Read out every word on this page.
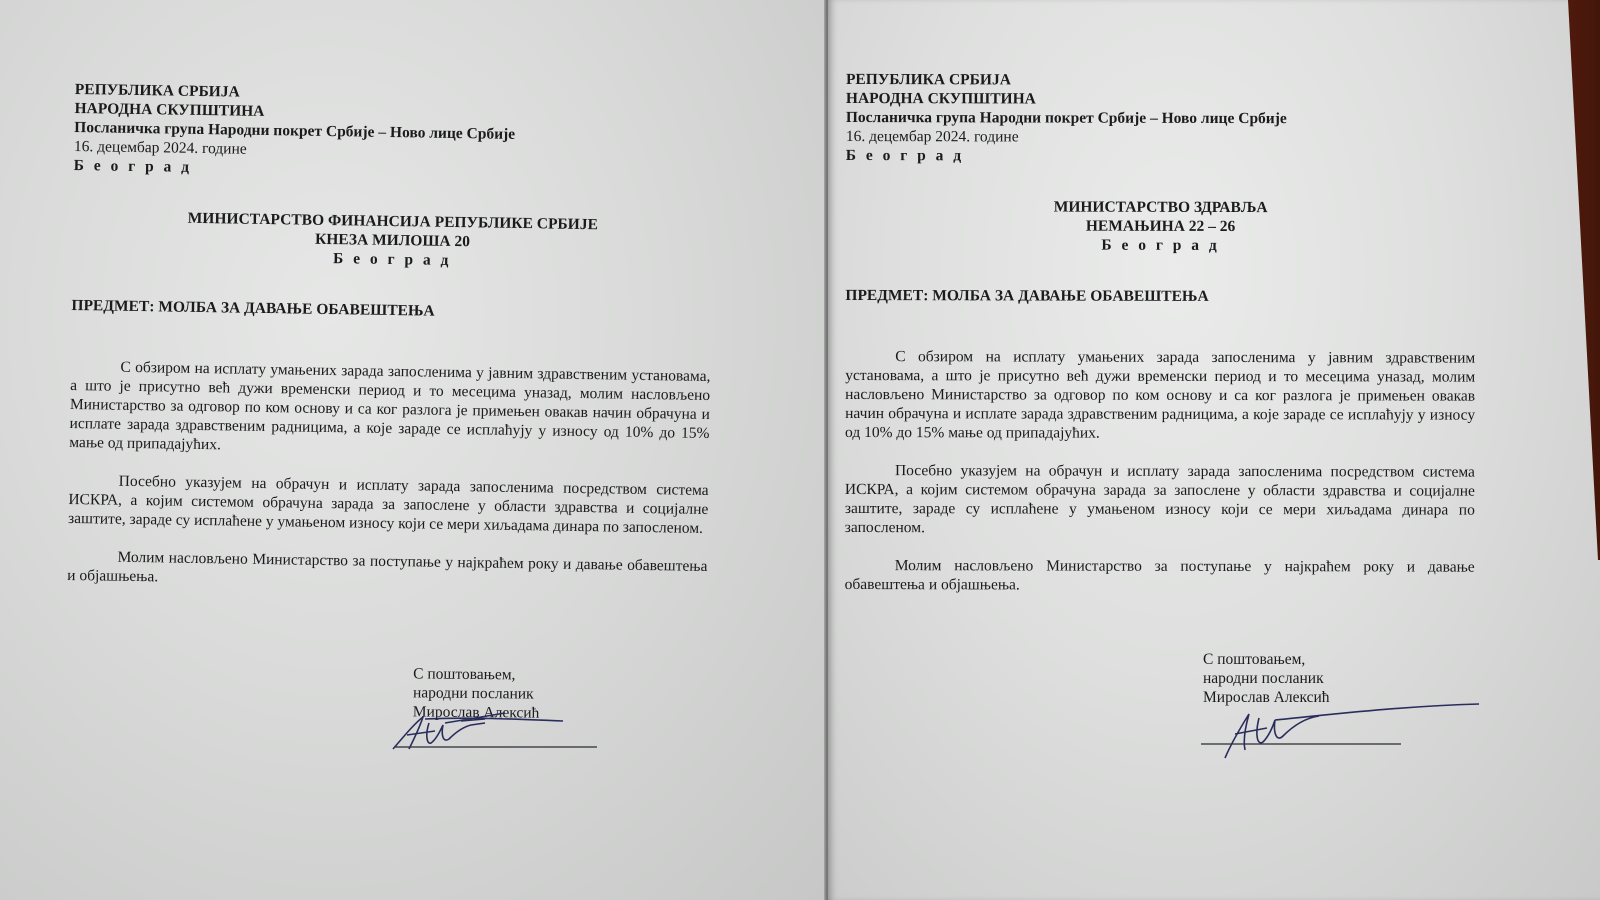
РЕПУБЛИКА СРБИЈА
НАРОДНА СКУПШТИНА
Посланичка група Народни покрет Србије – Ново лице Србије
16. децембар 2024. године
Б е о г р а д
МИНИСТАРСТВО ФИНАНСИЈА РЕПУБЛИКЕ СРБИЈЕ
КНЕЗА МИЛОША 20
Б е о г р а д
ПРЕДМЕТ: МОЛБА ЗА ДАВАЊЕ ОБАВЕШТЕЊА

С обзиром на исплату умањених зарада запосленима у јавним здравственим установама, а што је присутно већ дужи временски период и то месецима уназад, молим насловљено Министарство за одговор по ком основу и са ког разлога је примењен овакав начин обрачуна и исплате зарада здравственим радницима, а које зараде се исплаћују у износу од 10% до 15% мање од припадајућих.

Посебно указујем на обрачун и исплату зарада запосленима посредством система ИСКРА, а којим системом обрачуна зарада за запослене у области здравства и социјалне заштите, зараде су исплаћене у умањеном износу који се мери хиљадама динара по запосленом.

Молим насловљено Министарство за поступање у најкраћем року и давање обавештења и објашњења.

С поштовањем,
народни посланик
Мирослав Алексић
РЕПУБЛИКА СРБИЈА
НАРОДНА СКУПШТИНА
Посланичка група Народни покрет Србије – Ново лице Србије
16. децембар 2024. године
Б е о г р а д
МИНИСТАРСТВО ЗДРАВЉА
НЕМАЊИНА 22 – 26
Б е о г р а д
ПРЕДМЕТ: МОЛБА ЗА ДАВАЊЕ ОБАВЕШТЕЊА

С обзиром на исплату умањених зарада запосленима у јавним здравственим установама, а што је присутно већ дужи временски период и то месецима уназад, молим насловљено Министарство за одговор по ком основу и са ког разлога је примењен овакав начин обрачуна и исплате зарада здравственим радницима, а које зараде се исплаћују у износу од 10% до 15% мање од припадајућих.

Посебно указујем на обрачун и исплату зарада запосленима посредством система ИСКРА, а којим системом обрачуна зарада за запослене у области здравства и социјалне заштите, зараде су исплаћене у умањеном износу који се мери хиљадама динара по запосленом.

Молим насловљено Министарство за поступање у најкраћем року и давање обавештења и објашњења.

С поштовањем,
народни посланик
Мирослав Алексић
